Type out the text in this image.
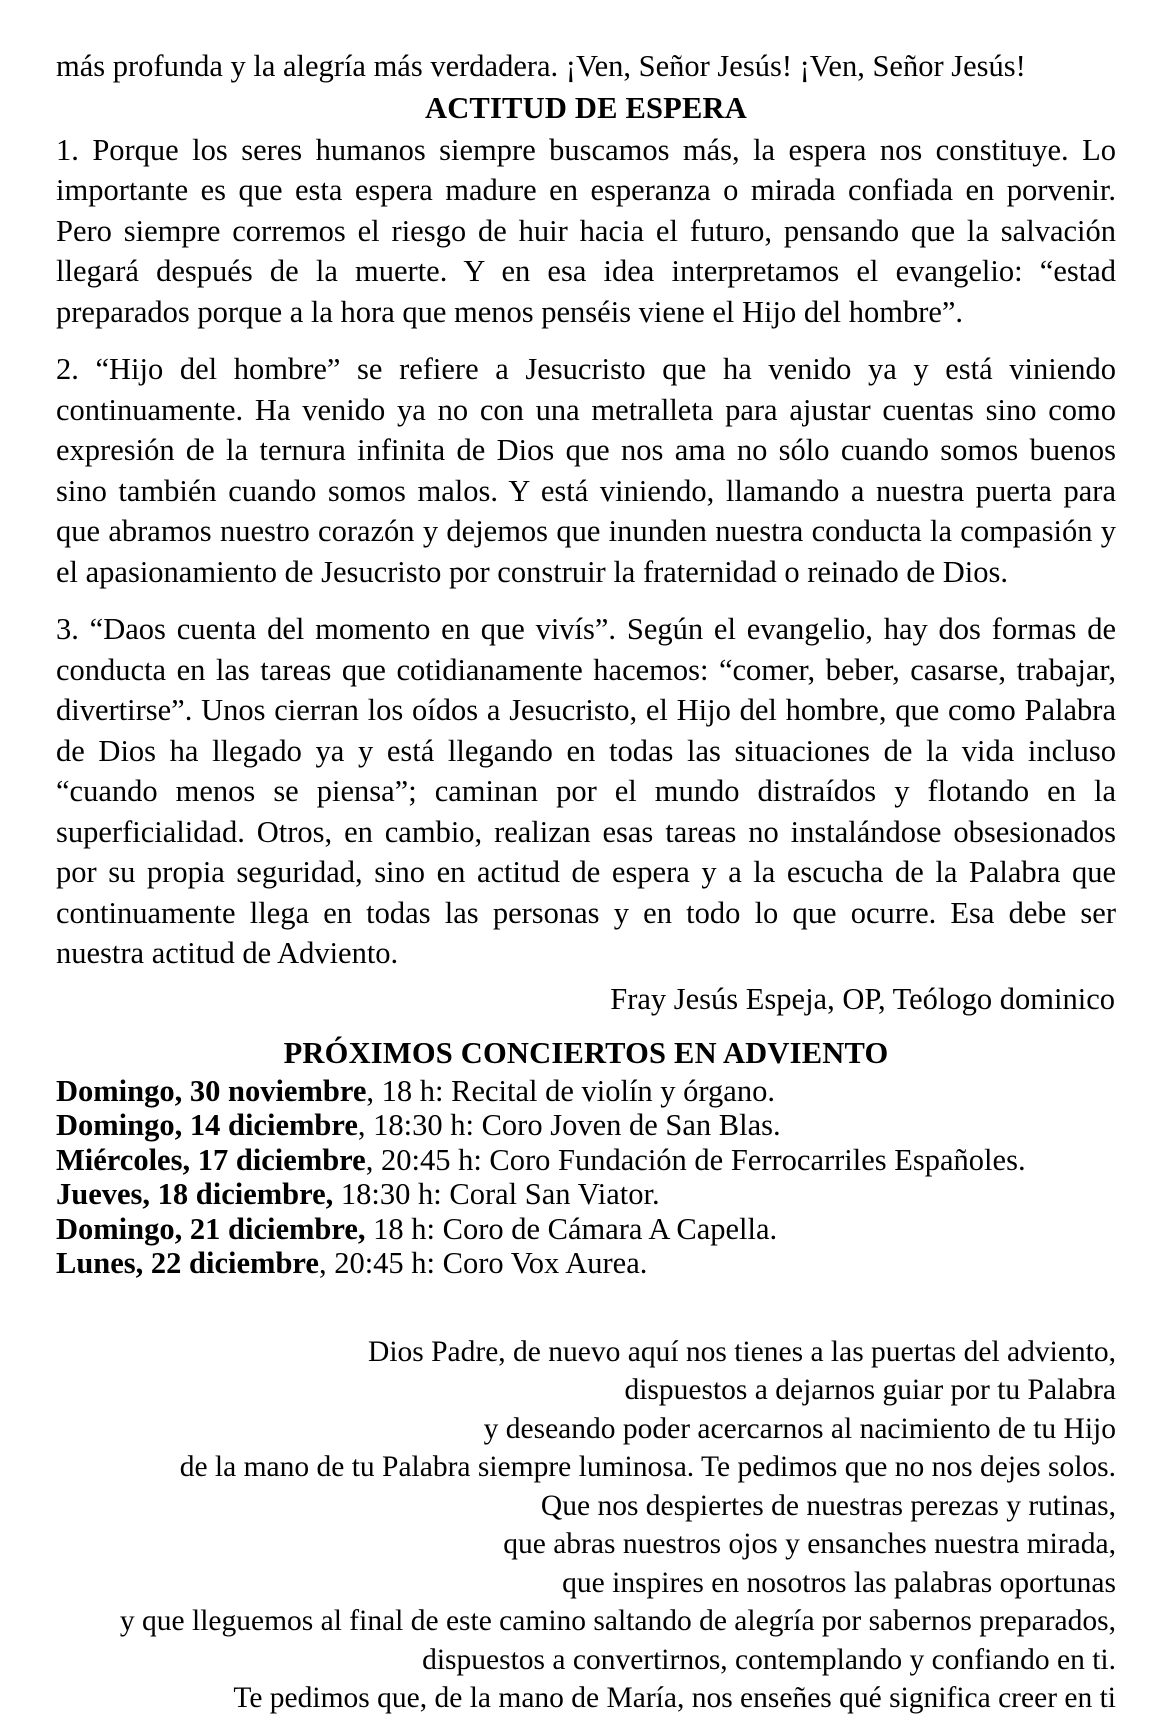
más profunda y la alegría más verdadera. ¡Ven, Señor Jesús! ¡Ven, Señor Jesús!

ACTITUD DE ESPERA

1. Porque los seres humanos siempre buscamos más, la espera nos constituye. Lo importante es que esta espera madure en esperanza o mirada confiada en porvenir. Pero siempre corremos el riesgo de huir hacia el futuro, pensando que la salvación llegará después de la muerte. Y en esa idea interpretamos el evangelio: “estad preparados porque a la hora que menos penséis viene el Hijo del hombre”.

2. “Hijo del hombre” se refiere a Jesucristo que ha venido ya y está viniendo continuamente. Ha venido ya no con una metralleta para ajustar cuentas sino como expresión de la ternura infinita de Dios que nos ama no sólo cuando somos buenos sino también cuando somos malos. Y está viniendo, llamando a nuestra puerta para que abramos nuestro corazón y dejemos que inunden nuestra conducta la compasión y el apasionamiento de Jesucristo por construir la fraternidad o reinado de Dios.

3. “Daos cuenta del momento en que vivís”. Según el evangelio, hay dos formas de conducta en las tareas que cotidianamente hacemos: “comer, beber, casarse, trabajar, divertirse”. Unos cierran los oídos a Jesucristo, el Hijo del hombre, que como Palabra de Dios ha llegado ya y está llegando en todas las situaciones de la vida incluso “cuando menos se piensa”; caminan por el mundo distraídos y flotando en la superficialidad. Otros, en cambio, realizan esas tareas no instalándose obsesionados por su propia seguridad, sino en actitud de espera y a la escucha de la Palabra que continuamente llega en todas las personas y en todo lo que ocurre. Esa debe ser nuestra actitud de Adviento.

Fray Jesús Espeja, OP, Teólogo dominico

PRÓXIMOS CONCIERTOS EN ADVIENTO
Domingo, 30 noviembre, 18 h: Recital de violín y órgano.
Domingo, 14 diciembre, 18:30 h: Coro Joven de San Blas.
Miércoles, 17 diciembre, 20:45 h: Coro Fundación de Ferrocarriles Españoles.
Jueves, 18 diciembre, 18:30 h: Coral San Viator.
Domingo, 21 diciembre, 18 h: Coro de Cámara A Capella.
Lunes, 22 diciembre, 20:45 h: Coro Vox Aurea.
Dios Padre, de nuevo aquí nos tienes a las puertas del adviento,
dispuestos a dejarnos guiar por tu Palabra
y deseando poder acercarnos al nacimiento de tu Hijo
de la mano de tu Palabra siempre luminosa. Te pedimos que no nos dejes solos.
Que nos despiertes de nuestras perezas y rutinas,
que abras nuestros ojos y ensanches nuestra mirada,
que inspires en nosotros las palabras oportunas
y que lleguemos al final de este camino saltando de alegría por sabernos preparados,
dispuestos a convertirnos, contemplando y confiando en ti.
Te pedimos que, de la mano de María, nos enseñes qué significa creer en ti
